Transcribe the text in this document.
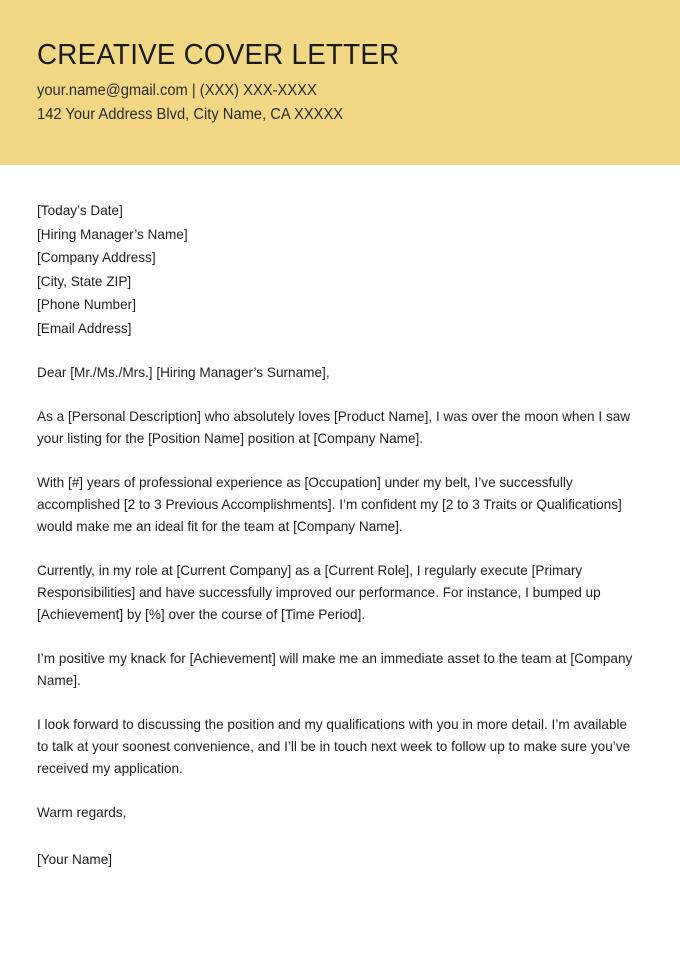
CREATIVE COVER LETTER

your.name@gmail.com | (XXX) XXX-XXXX

142 Your Address Blvd, City Name, CA XXXXX

[Today’s Date]

[Hiring Manager’s Name]

[Company Address]

[City, State ZIP]

[Phone Number]

[Email Address]

Dear [Mr./Ms./Mrs.] [Hiring Manager’s Surname],

As a [Personal Description] who absolutely loves [Product Name], I was over the moon when I saw your listing for the [Position Name] position at [Company Name].

With [#] years of professional experience as [Occupation] under my belt, I’ve successfully accomplished [2 to 3 Previous Accomplishments]. I’m confident my [2 to 3 Traits or Qualifications] would make me an ideal fit for the team at [Company Name].

Currently, in my role at [Current Company] as a [Current Role], I regularly execute [Primary Responsibilities] and have successfully improved our performance. For instance, I bumped up [Achievement] by [%] over the course of [Time Period].

I’m positive my knack for [Achievement] will make me an immediate asset to the team at [Company Name].

I look forward to discussing the position and my qualifications with you in more detail. I’m available to talk at your soonest convenience, and I’ll be in touch next week to follow up to make sure you’ve received my application.

Warm regards,

[Your Name]
